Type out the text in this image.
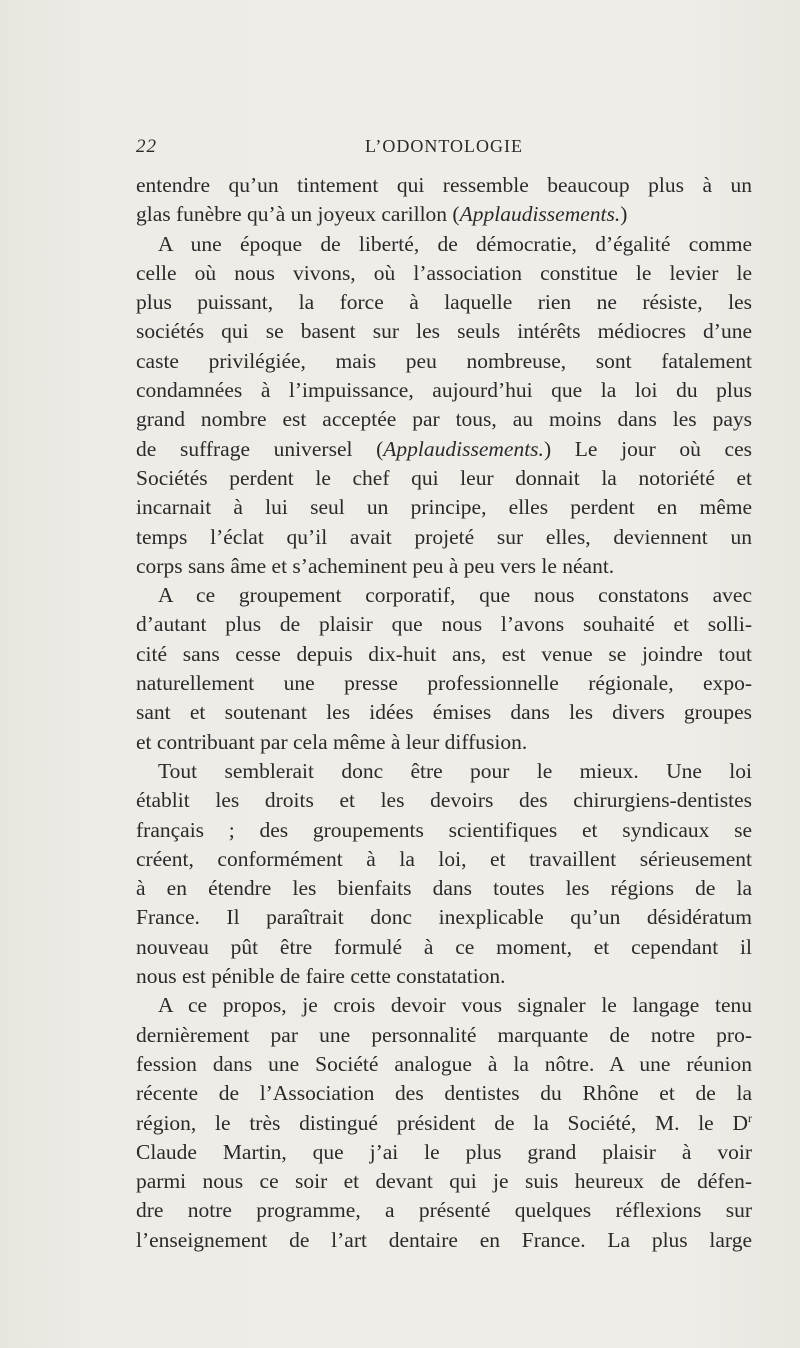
22	L’ODONTOLOGIE
entendre qu’un tintement qui ressemble beaucoup plus à un
glas funèbre qu’à un joyeux carillon (Applaudissements.)
A une époque de liberté, de démocratie, d’égalité comme
celle où nous vivons, où l’association constitue le levier le
plus puissant, la force à laquelle rien ne résiste, les
sociétés qui se basent sur les seuls intérêts médiocres d’une
caste privilégiée, mais peu nombreuse, sont fatalement
condamnées à l’impuissance, aujourd’hui que la loi du plus
grand nombre est acceptée par tous, au moins dans les pays
de suffrage universel (Applaudissements.) Le jour où ces
Sociétés perdent le chef qui leur donnait la notoriété et
incarnait à lui seul un principe, elles perdent en même
temps l’éclat qu’il avait projeté sur elles, deviennent un
corps sans âme et s’acheminent peu à peu vers le néant.
A ce groupement corporatif, que nous constatons avec
d’autant plus de plaisir que nous l’avons souhaité et solli-
cité sans cesse depuis dix-huit ans, est venue se joindre tout
naturellement une presse professionnelle régionale, expo-
sant et soutenant les idées émises dans les divers groupes
et contribuant par cela même à leur diffusion.
Tout semblerait donc être pour le mieux. Une loi
établit les droits et les devoirs des chirurgiens-dentistes
français ; des groupements scientifiques et syndicaux se
créent, conformément à la loi, et travaillent sérieusement
à en étendre les bienfaits dans toutes les régions de la
France. Il paraîtrait donc inexplicable qu’un désidératum
nouveau pût être formulé à ce moment, et cependant il
nous est pénible de faire cette constatation.
A ce propos, je crois devoir vous signaler le langage tenu
dernièrement par une personnalité marquante de notre pro-
fession dans une Société analogue à la nôtre. A une réunion
récente de l’Association des dentistes du Rhône et de la
région, le très distingué président de la Société, M. le $D^r$
Claude Martin, que j’ai le plus grand plaisir à voir
parmi nous ce soir et devant qui je suis heureux de défen-
dre notre programme, a présenté quelques réflexions sur
l’enseignement de l’art dentaire en France. La plus large
